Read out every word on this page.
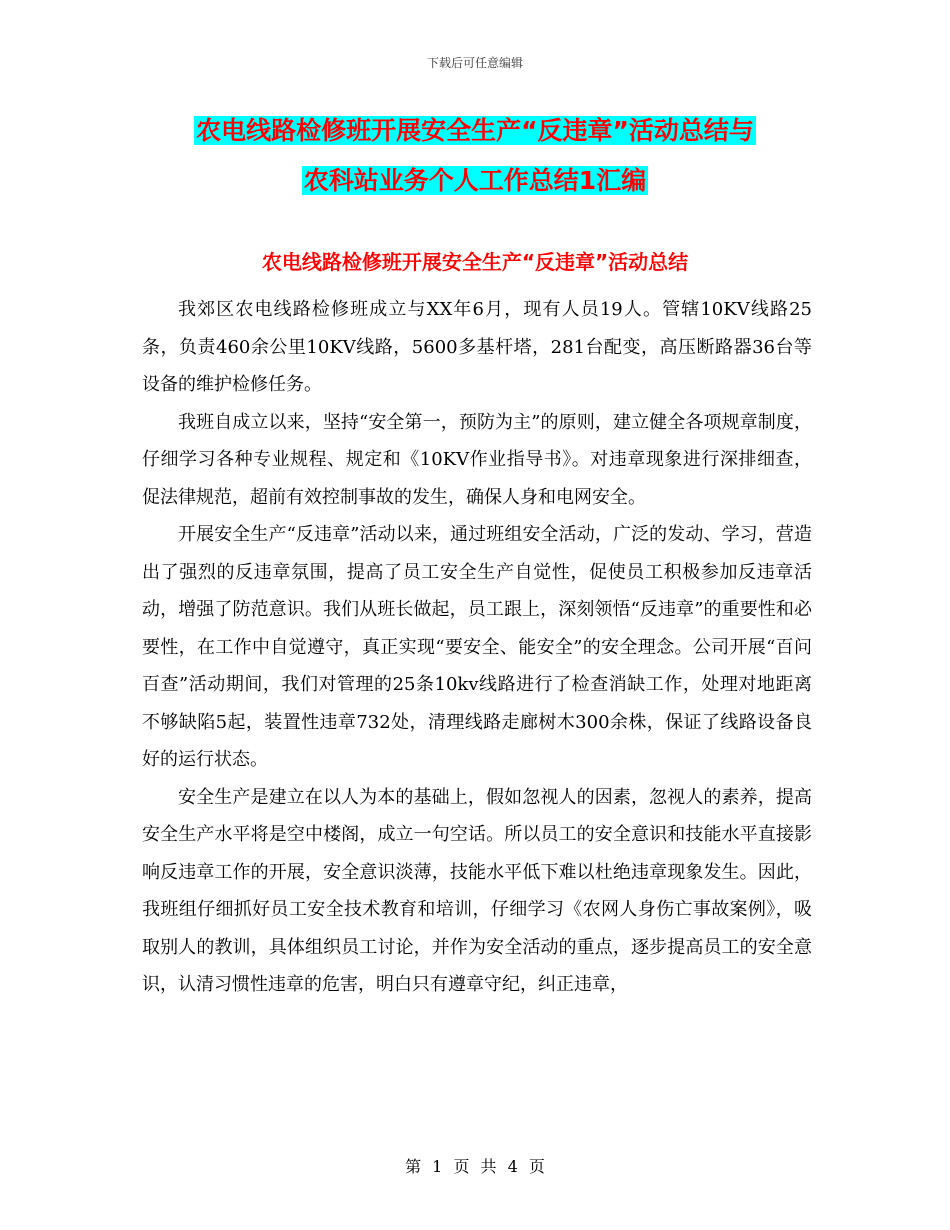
下载后可任意编辑
农电线路检修班开展安全生产“反违章”活动总结与
农科站业务个人工作总结1汇编
农电线路检修班开展安全生产“反违章”活动总结

我郊区农电线路检修班成立与XX年6月，现有人员19人。管辖10KV线路25条，负责460余公里10KV线路，5600多基杆塔，281台配变，高压断路器36台等设备的维护检修任务。

我班自成立以来，坚持“安全第一，预防为主”的原则，建立健全各项规章制度，仔细学习各种专业规程、规定和《10KV作业指导书》。对违章现象进行深排细查，促法律规范，超前有效控制事故的发生，确保人身和电网安全。

开展安全生产“反违章”活动以来，通过班组安全活动，广泛的发动、学习，营造出了强烈的反违章氛围，提高了员工安全生产自觉性，促使员工积极参加反违章活动，增强了防范意识。我们从班长做起，员工跟上，深刻领悟“反违章”的重要性和必要性，在工作中自觉遵守，真正实现“要安全、能安全”的安全理念。公司开展“百问百查”活动期间，我们对管理的25条10kv线路进行了检查消缺工作，处理对地距离不够缺陷5起，装置性违章732处，清理线路走廊树木300余株，保证了线路设备良好的运行状态。

安全生产是建立在以人为本的基础上，假如忽视人的因素，忽视人的素养，提高安全生产水平将是空中楼阁，成立一句空话。所以员工的安全意识和技能水平直接影响反违章工作的开展，安全意识淡薄，技能水平低下难以杜绝违章现象发生。因此，我班组仔细抓好员工安全技术教育和培训，仔细学习《农网人身伤亡事故案例》，吸取别人的教训，具体组织员工讨论，并作为安全活动的重点，逐步提高员工的安全意识，认清习惯性违章的危害，明白只有遵章守纪，纠正违章，

第 1 页 共 4 页
